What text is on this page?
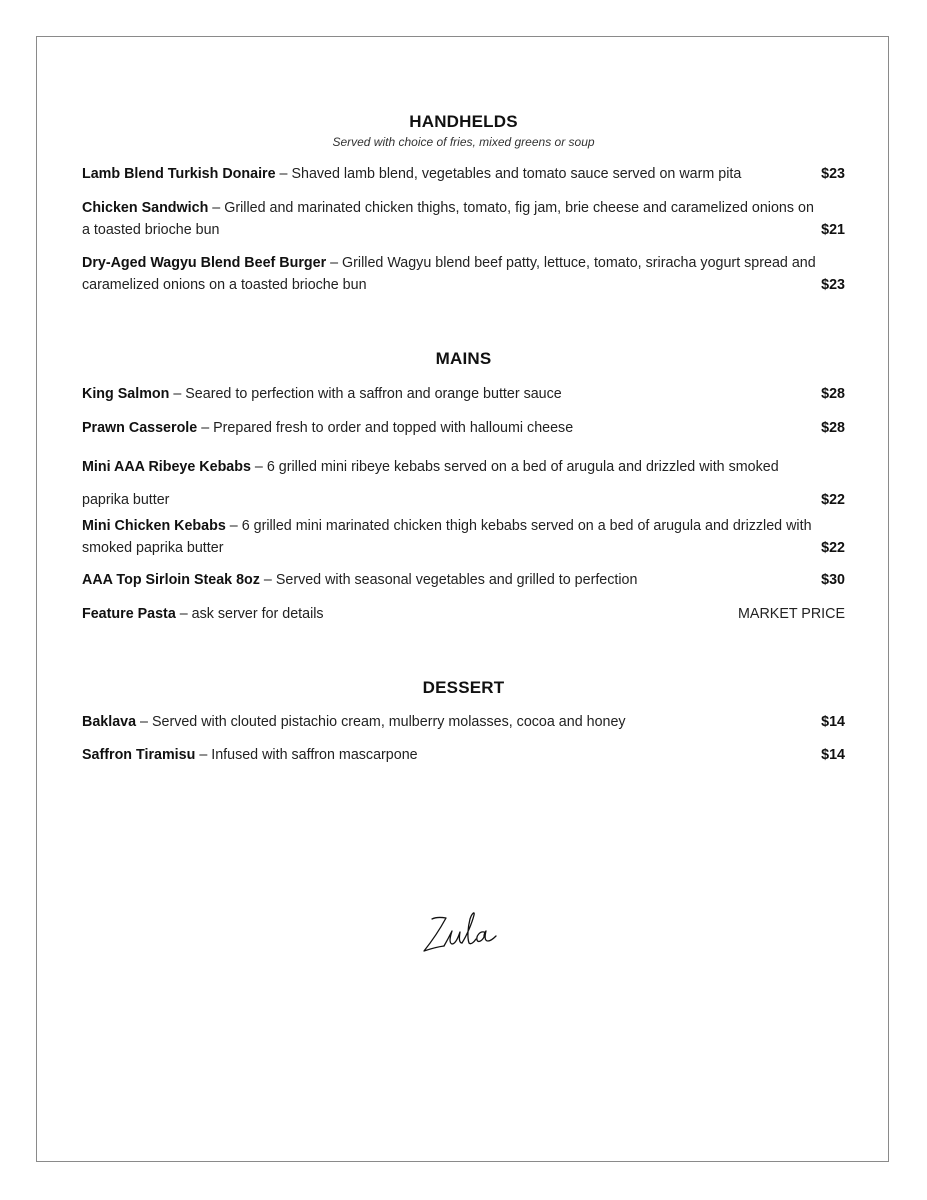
HANDHELDS

Served with choice of fries, mixed greens or soup

Lamb Blend Turkish Donaire – Shaved lamb blend, vegetables and tomato sauce served on warm pita	$23
Chicken Sandwich – Grilled and marinated chicken thighs, tomato, fig jam, brie cheese and caramelized onions on a toasted brioche bun	$21
Dry-Aged Wagyu Blend Beef Burger – Grilled Wagyu blend beef patty, lettuce, tomato, sriracha yogurt spread and caramelized onions on a toasted brioche bun	$23
MAINS
King Salmon – Seared to perfection with a saffron and orange butter sauce	$28
Prawn Casserole – Prepared fresh to order and topped with halloumi cheese	$28
Mini AAA Ribeye Kebabs – 6 grilled mini ribeye kebabs served on a bed of arugula and drizzled with smoked paprika butter	$22
Mini Chicken Kebabs – 6 grilled mini marinated chicken thigh kebabs served on a bed of arugula and drizzled with smoked paprika butter	$22
AAA Top Sirloin Steak 8oz – Served with seasonal vegetables and grilled to perfection	$30
Feature Pasta – ask server for details	MARKET PRICE
DESSERT
Baklava – Served with clouted pistachio cream, mulberry molasses, cocoa and honey	$14
Saffron Tiramisu – Infused with saffron mascarpone	$14
